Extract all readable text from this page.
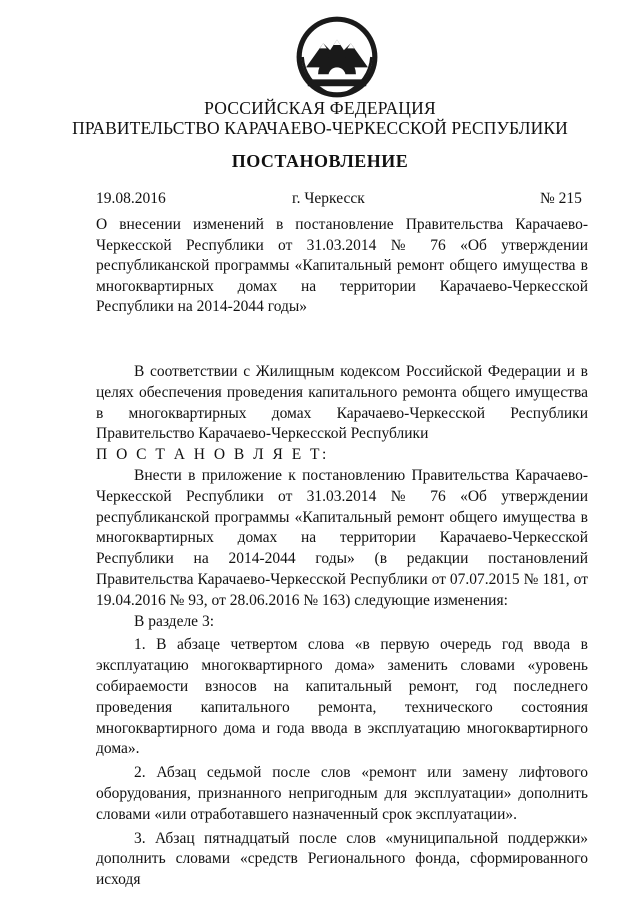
РОССИЙСКАЯ ФЕДЕРАЦИЯ
ПРАВИТЕЛЬСТВО КАРАЧАЕВО-ЧЕРКЕССКОЙ РЕСПУБЛИКИ
ПОСТАНОВЛЕНИЕ
19.08.2016	г. Черкесск	№ 215

О внесении изменений в постановление Правительства Карачаево-Черкесской Республики от 31.03.2014 № 76 «Об утверждении республиканской программы «Капитальный ремонт общего имущества в многоквартирных домах на территории Карачаево-Черкесской Республики на 2014-2044 годы»

В соответствии с Жилищным кодексом Российской Федерации и в целях обеспечения проведения капитального ремонта общего имущества в многоквартирных домах Карачаево-Черкесской Республики Правительство Карачаево-Черкесской Республики

П О С Т А Н О В Л Я Е Т:

Внести в приложение к постановлению Правительства Карачаево-Черкесской Республики от 31.03.2014 № 76 «Об утверждении республиканской программы «Капитальный ремонт общего имущества в многоквартирных домах на территории Карачаево-Черкесской Республики на 2014-2044 годы» (в редакции постановлений Правительства Карачаево-Черкесской Республики от 07.07.2015 № 181, от 19.04.2016 № 93, от 28.06.2016 № 163) следующие изменения:

В разделе 3:

1. В абзаце четвертом слова «в первую очередь год ввода в эксплуатацию многоквартирного дома» заменить словами «уровень собираемости взносов на капитальный ремонт, год последнего проведения капитального ремонта, технического состояния многоквартирного дома и года ввода в эксплуатацию многоквартирного дома».

2. Абзац седьмой после слов «ремонт или замену лифтового оборудования, признанного непригодным для эксплуатации» дополнить словами «или отработавшего назначенный срок эксплуатации».

3. Абзац пятнадцатый после слов «муниципальной поддержки» дополнить словами «средств Регионального фонда, сформированного исходя
